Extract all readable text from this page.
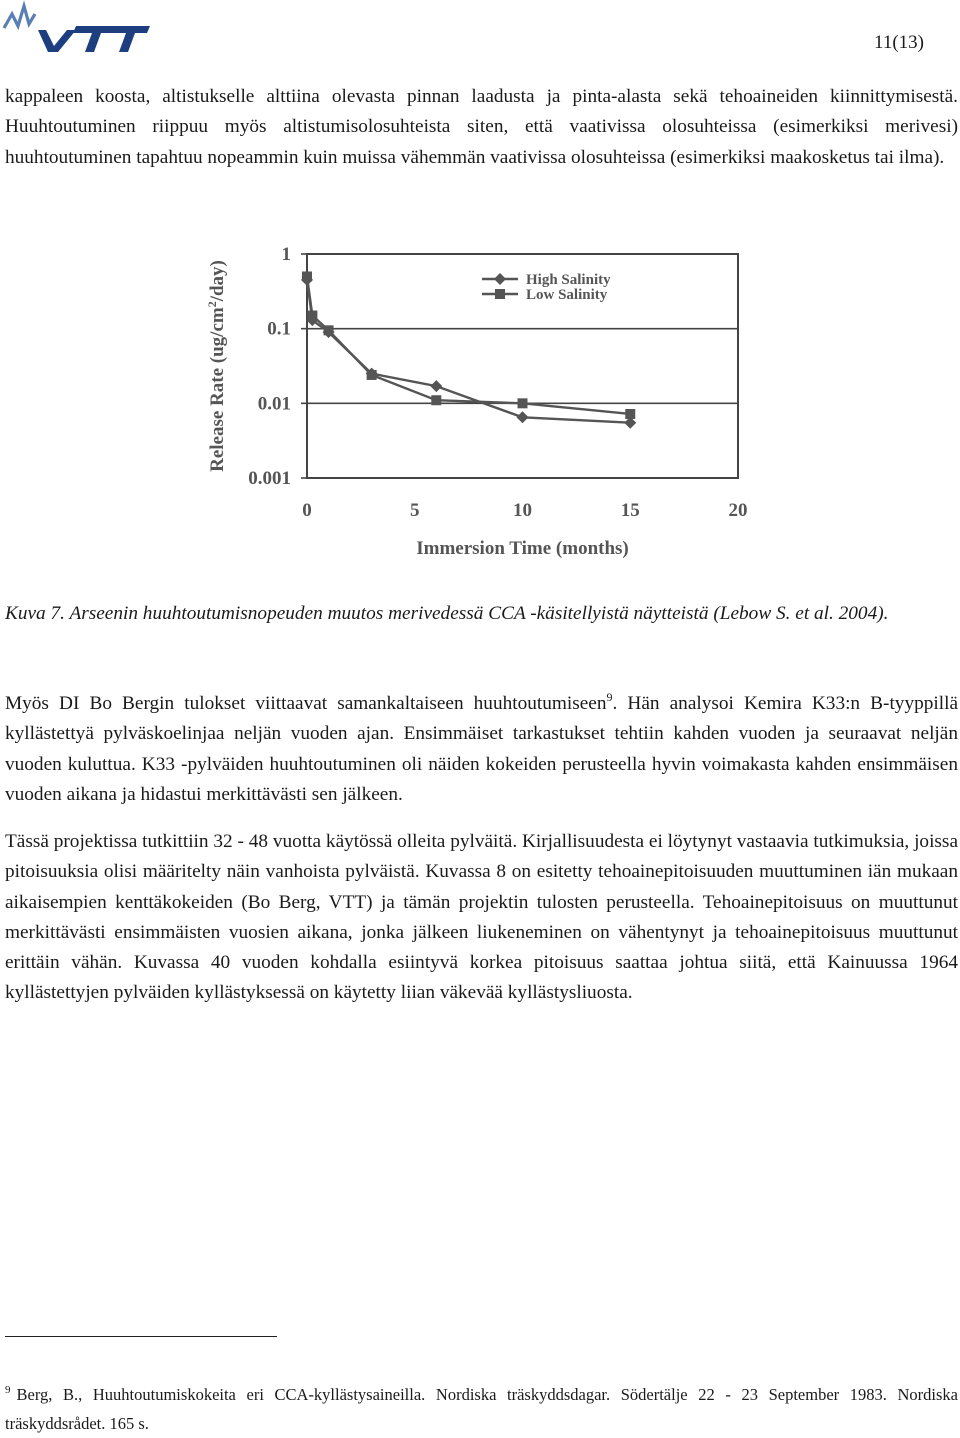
VTT
11(13)

kappaleen koosta, altistukselle alttiina olevasta pinnan laadusta ja pinta-alasta sekä tehoaineiden kiinnittymisestä. Huuhtoutuminen riippuu myös altistumisolosuhteista siten, että vaativissa olosuhteissa (esimerkiksi merivesi) huuhtoutuminen tapahtuu nopeammin kuin muissa vähemmän vaativissa olosuhteissa (esimerkiksi maakosketus tai ilma).

1
0.1
0.01
0.001
0	5	10	15	20
Immersion Time (months)
Release Rate $(ug/cm^2/day)$	High Salinity
Low Salinity

Kuva 7. Arseenin huuhtoutumisnopeuden muutos merivedessä CCA -käsitellyistä näytteistä (Lebow S. et al. 2004).

Myös DI Bo Bergin tulokset viittaavat samankaltaiseen huuhtoutumiseen$^9$. Hän analysoi Kemira K33:n B-tyyppillä kyllästettyä pylväskoelinjaa neljän vuoden ajan. Ensimmäiset tarkastukset tehtiin kahden vuoden ja seuraavat neljän vuoden kuluttua. K33 -pylväiden huuhtoutuminen oli näiden kokeiden perusteella hyvin voimakasta kahden ensimmäisen vuoden aikana ja hidastui merkittävästi sen jälkeen.

Tässä projektissa tutkittiin 32 - 48 vuotta käytössä olleita pylväitä. Kirjallisuudesta ei löytynyt vastaavia tutkimuksia, joissa pitoisuuksia olisi määritelty näin vanhoista pylväistä. Kuvassa 8 on esitetty tehoainepitoisuuden muuttuminen iän mukaan aikaisempien kenttäkokeiden (Bo Berg, VTT) ja tämän projektin tulosten perusteella. Tehoainepitoisuus on muuttunut merkittävästi ensimmäisten vuosien aikana, jonka jälkeen liukeneminen on vähentynyt ja tehoainepitoisuus muuttunut erittäin vähän. Kuvassa 40 vuoden kohdalla esiintyvä korkea pitoisuus saattaa johtua siitä, että Kainuussa 1964 kyllästettyjen pylväiden kyllästyksessä on käytetty liian väkevää kyllästysliuosta.

$^9$ Berg, B., Huuhtoutumiskokeita eri CCA-kyllästysaineilla. Nordiska träskyddsdagar. Södertälje 22 - 23 September 1983. Nordiska träskyddsrådet. 165 s.
